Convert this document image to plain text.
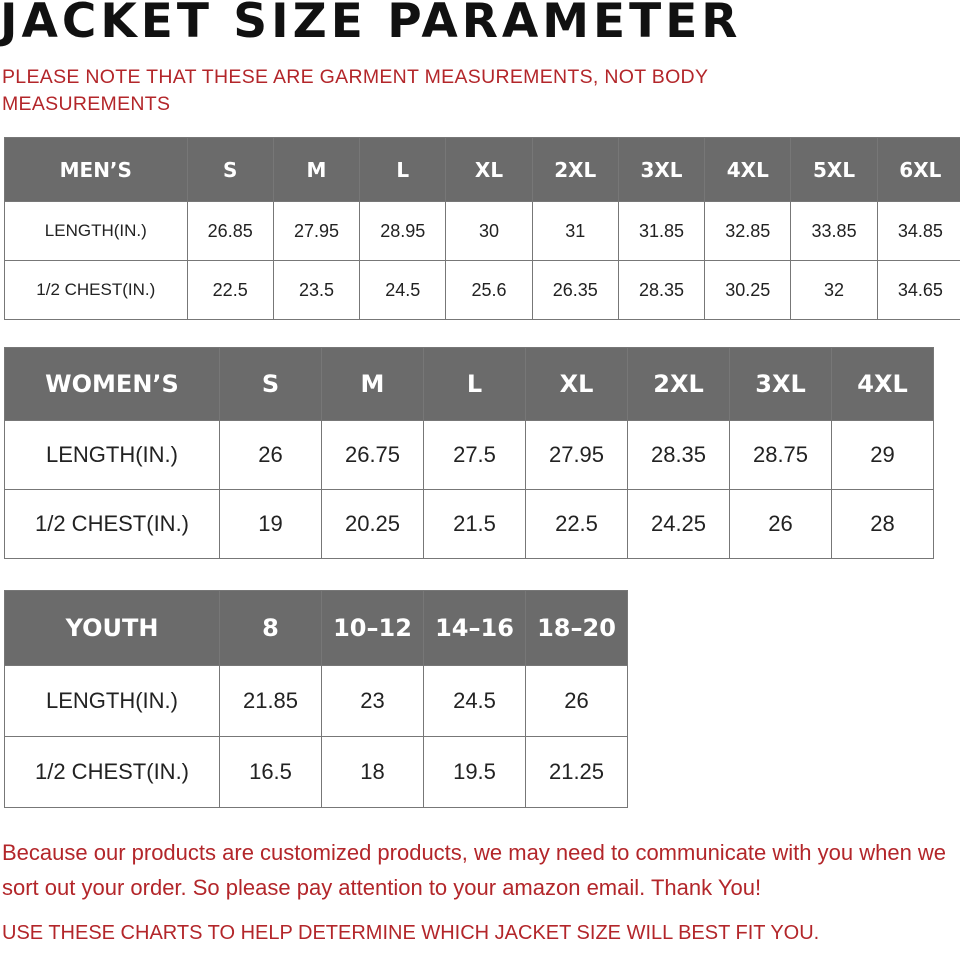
JACKET SIZE PARAMETER
PLEASE NOTE THAT THESE ARE GARMENT MEASUREMENTS, NOT BODY MEASUREMENTS
MEN’S	S	M	L	XL	2XL	3XL	4XL	5XL	6XL
LENGTH(IN.)	26.85	27.95	28.95	30	31	31.85	32.85	33.85	34.85
1/2 CHEST(IN.)	22.5	23.5	24.5	25.6	26.35	28.35	30.25	32	34.65
WOMEN’S	S	M	L	XL	2XL	3XL	4XL
LENGTH(IN.)	26	26.75	27.5	27.95	28.35	28.75	29
1/2 CHEST(IN.)	19	20.25	21.5	22.5	24.25	26	28
YOUTH	8	10–12	14–16	18–20
LENGTH(IN.)	21.85	23	24.5	26
1/2 CHEST(IN.)	16.5	18	19.5	21.25
Because our products are customized products, we may need to communicate with you when we sort out your order. So please pay attention to your amazon email. Thank You!
USE THESE CHARTS TO HELP DETERMINE WHICH JACKET SIZE WILL BEST FIT YOU.
